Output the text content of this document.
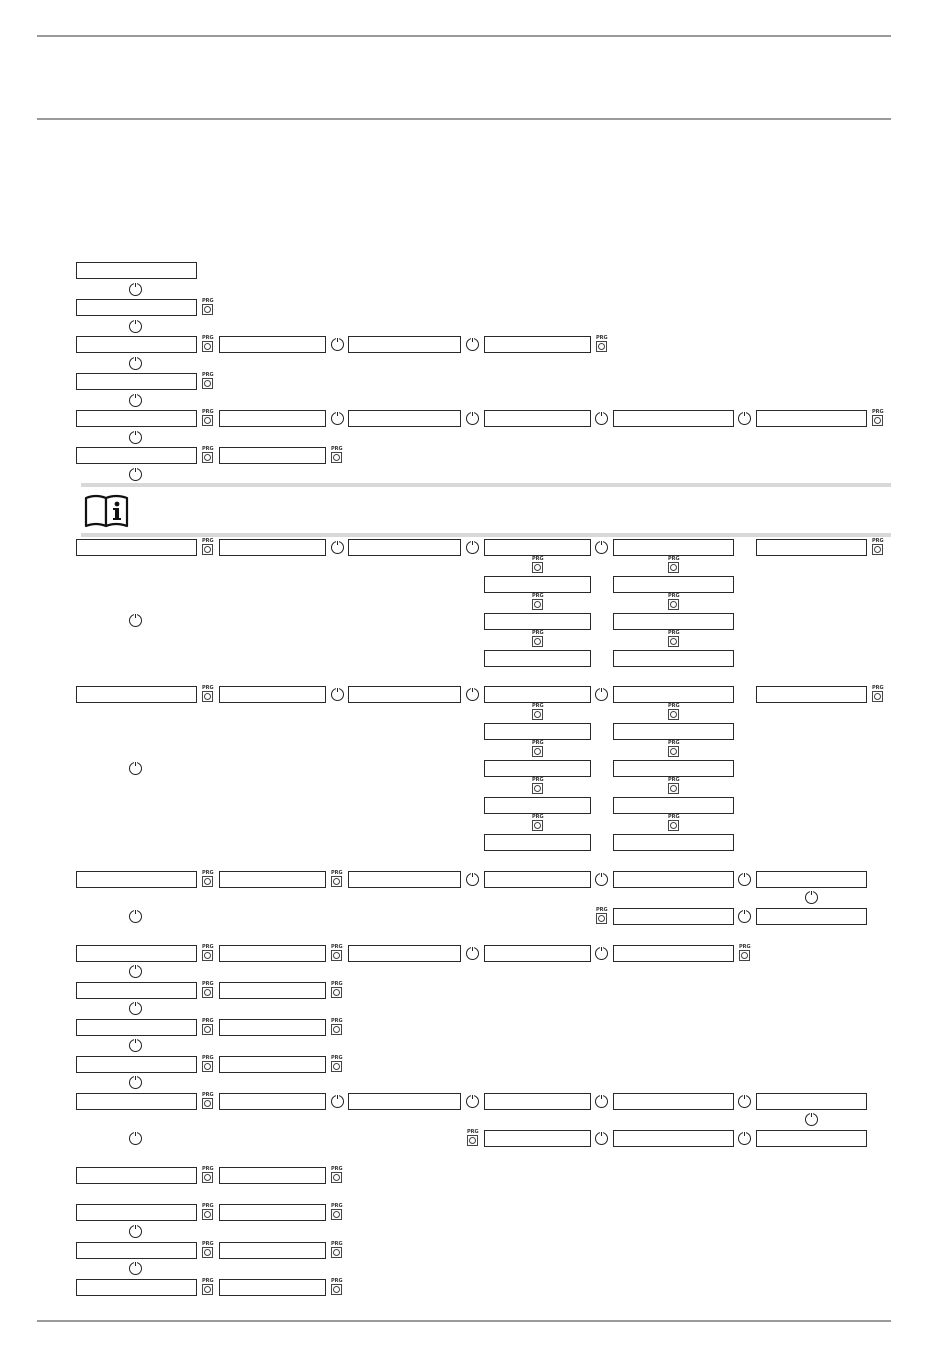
PRG
PRG	PRG
PRG
PRG	PRG
PRG	PRG
PRG	PRG
PRG	PRG
PRG	PRG
PRG	PRG
PRG	PRG
PRG	PRG
PRG	PRG
PRG	PRG
PRG	PRG
PRG	PRG
PRG
PRG	PRG	PRG
PRG	PRG
PRG	PRG
PRG	PRG
PRG
PRG
PRG	PRG
PRG	PRG
PRG	PRG
PRG	PRG
